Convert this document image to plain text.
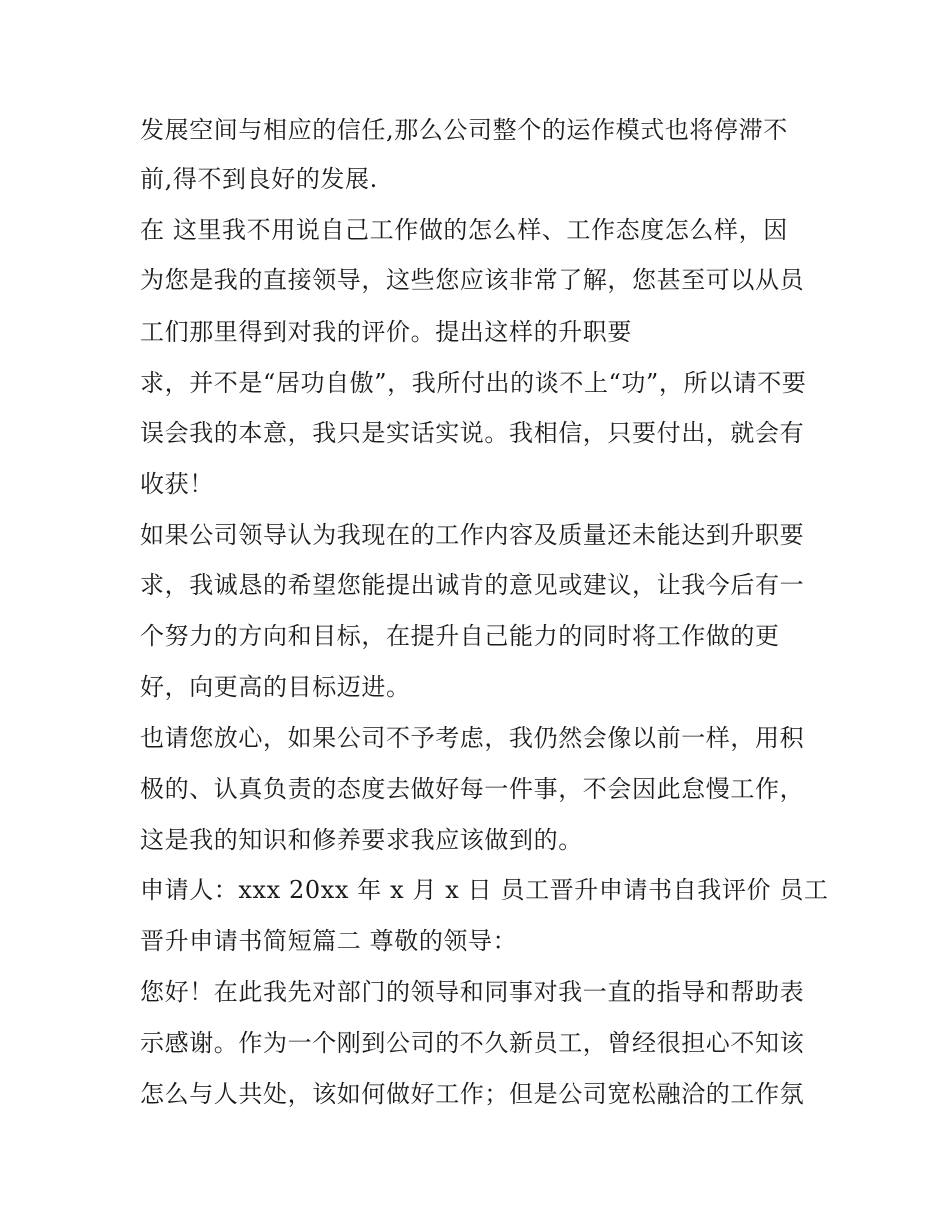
发展空间与相应的信任,那么公司整个的运作模式也将停滞不
前,得不到良好的发展.
在 这里我不用说自己工作做的怎么样、工作态度怎么样，因
为您是我的直接领导，这些您应该非常了解，您甚至可以从员
工们那里得到对我的评价。提出这样的升职要
求，并不是“居功自傲”，我所付出的谈不上“功”，所以请不要
误会我的本意，我只是实话实说。我相信，只要付出，就会有
收获！
如果公司领导认为我现在的工作内容及质量还未能达到升职要
求，我诚恳的希望您能提出诚肯的意见或建议，让我今后有一
个努力的方向和目标，在提升自己能力的同时将工作做的更
好，向更高的目标迈进。
也请您放心，如果公司不予考虑，我仍然会像以前一样，用积
极的、认真负责的态度去做好每一件事，不会因此怠慢工作，
这是我的知识和修养要求我应该做到的。
申请人：xxx 20xx 年 x 月 x 日 员工晋升申请书自我评价 员工
晋升申请书简短篇二 尊敬的领导：
您好！在此我先对部门的领导和同事对我一直的指导和帮助表
示感谢。作为一个刚到公司的不久新员工，曾经很担心不知该
怎么与人共处，该如何做好工作；但是公司宽松融洽的工作氛
